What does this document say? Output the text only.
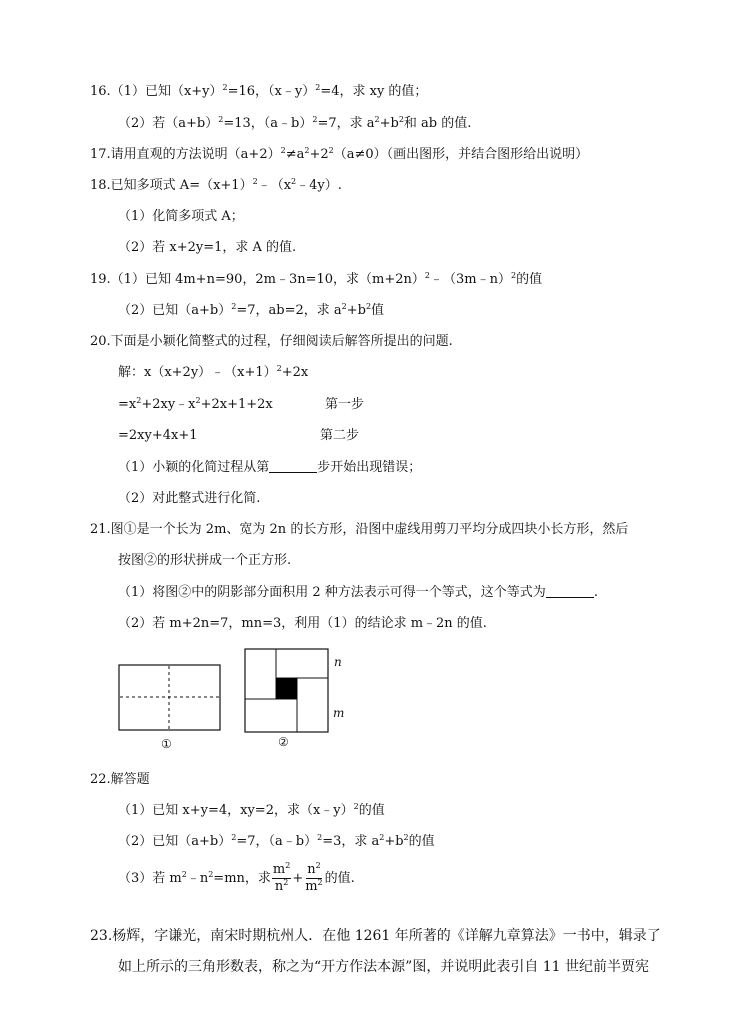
16.（1）已知$(x+y)^2=16$，（x﹣y）$^2$=4，求 xy 的值；
（2）若$(a+b)^2=13$，（a﹣b）$^2$=7，求 $a^2+b^2$和 ab 的值.
17.请用直观的方法说明$(a+2)^2\ne a^2+2^2(a\ne 0)$（画出图形，并结合图形给出说明）
18.已知多项式 $A=(x+1)^2﹣(x^2﹣4y)$.
（1）化简多项式 A；
（2）若 x+2y=1，求 A 的值.
19.（1）已知 4m+n=90，2m﹣3n=10，求$(m+2n)^2﹣(3m﹣n)^2$的值
（2）已知$(a+b)^2=7$，ab=2，求 $a^2+b^2$值
20.下面是小颖化简整式的过程，仔细阅读后解答所提出的问题.
解：$x(x+2y)﹣(x+1)^2+2x$
$=x^2+2xy﹣x^2+2x+1+2x$	第一步
=2xy+4x+1	第二步
（1）小颖的化简过程从第	步开始出现错误；
（2）对此整式进行化简.
21.图①是一个长为 2m、宽为 2n 的长方形，沿图中虚线用剪刀平均分成四块小长方形，然后
按图②的形状拼成一个正方形.
（1）将图②中的阴影部分面积用 2 种方法表示可得一个等式，这个等式为	.
（2）若 m+2n=7，mn=3，利用（1）的结论求 m﹣2n 的值.
①
n
m
②
22.解答题
（1）已知 x+y=4，xy=2，求（x﹣y）$^2$的值
（2）已知$(a+b)^2=7$，（a﹣b）$^2$=3，求 $a^2+b^2$的值
（3）若 $m^2﹣n^2=mn$，求 $\frac{m^2}{n^2} + \frac{n^2}{m^2}$ 的值.
23.杨辉，字谦光，南宋时期杭州人．在他 1261 年所著的《详解九章算法》一书中，辑录了
如上所示的三角形数表，称之为“开方作法本源”图，并说明此表引自 11 世纪前半贾宪
